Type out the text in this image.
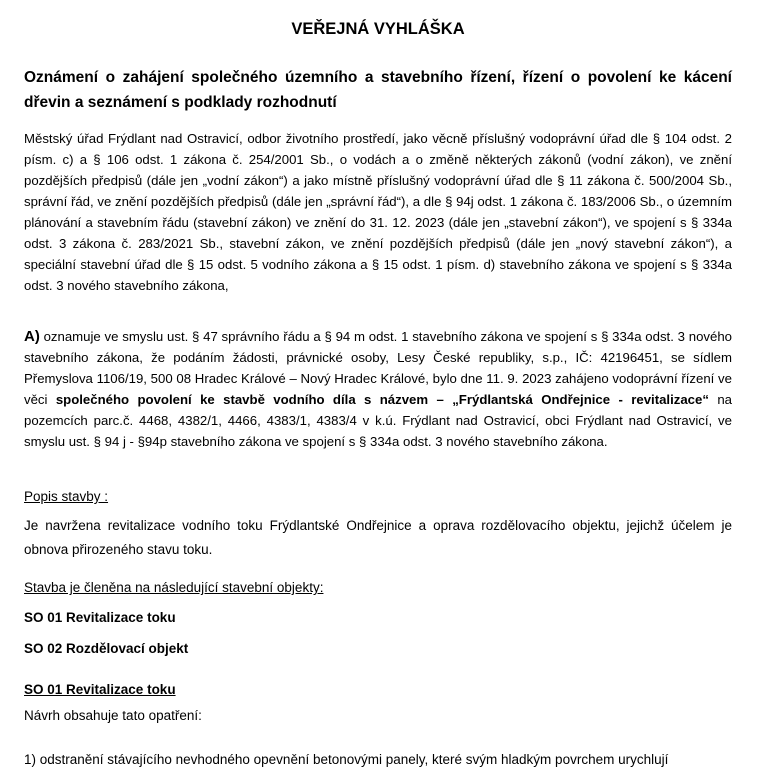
VEŘEJNÁ VYHLÁŠKA

Oznámení o zahájení společného územního a stavebního řízení, řízení o povolení ke kácení dřevin a seznámení s podklady rozhodnutí

Městský úřad Frýdlant nad Ostravicí, odbor životního prostředí, jako věcně příslušný vodoprávní úřad dle § 104 odst. 2 písm. c) a § 106 odst. 1 zákona č. 254/2001 Sb., o vodách a o změně některých zákonů (vodní zákon), ve znění pozdějších předpisů (dále jen „vodní zákon“) a jako místně příslušný vodoprávní úřad dle § 11 zákona č. 500/2004 Sb., správní řád, ve znění pozdějších předpisů (dále jen „správní řád“), a dle § 94j odst. 1 zákona č. 183/2006 Sb., o územním plánování a stavebním řádu (stavební zákon) ve znění do 31. 12. 2023 (dále jen „stavební zákon“), ve spojení s § 334a odst. 3 zákona č. 283/2021 Sb., stavební zákon, ve znění pozdějších předpisů (dále jen „nový stavební zákon“), a speciální stavební úřad dle § 15 odst. 5 vodního zákona a § 15 odst. 1 písm. d) stavebního zákona ve spojení s § 334a odst. 3 nového stavebního zákona,

A) oznamuje ve smyslu ust. § 47 správního řádu a § 94 m odst. 1 stavebního zákona ve spojení s § 334a odst. 3 nového stavebního zákona, že podáním žádosti, právnické osoby, Lesy České republiky, s.p., IČ: 42196451, se sídlem Přemyslova 1106/19, 500 08 Hradec Králové – Nový Hradec Králové, bylo dne 11. 9. 2023 zahájeno vodoprávní řízení ve věci společného povolení ke stavbě vodního díla s názvem – „Frýdlantská Ondřejnice - revitalizace“ na pozemcích parc.č. 4468, 4382/1, 4466, 4383/1, 4383/4 v k.ú. Frýdlant nad Ostravicí, obci Frýdlant nad Ostravicí, ve smyslu ust. § 94 j - §94p stavebního zákona ve spojení s § 334a odst. 3 nového stavebního zákona.

Popis stavby :

Je navržena revitalizace vodního toku Frýdlantské Ondřejnice a oprava rozdělovacího objektu, jejichž účelem je obnova přirozeného stavu toku.

Stavba je členěna na následující stavební objekty:

SO 01 Revitalizace toku

SO 02 Rozdělovací objekt

SO 01 Revitalizace toku

Návrh obsahuje tato opatření:

1) odstranění stávajícího nevhodného opevnění betonovými panely, které svým hladkým povrchem urychlují
